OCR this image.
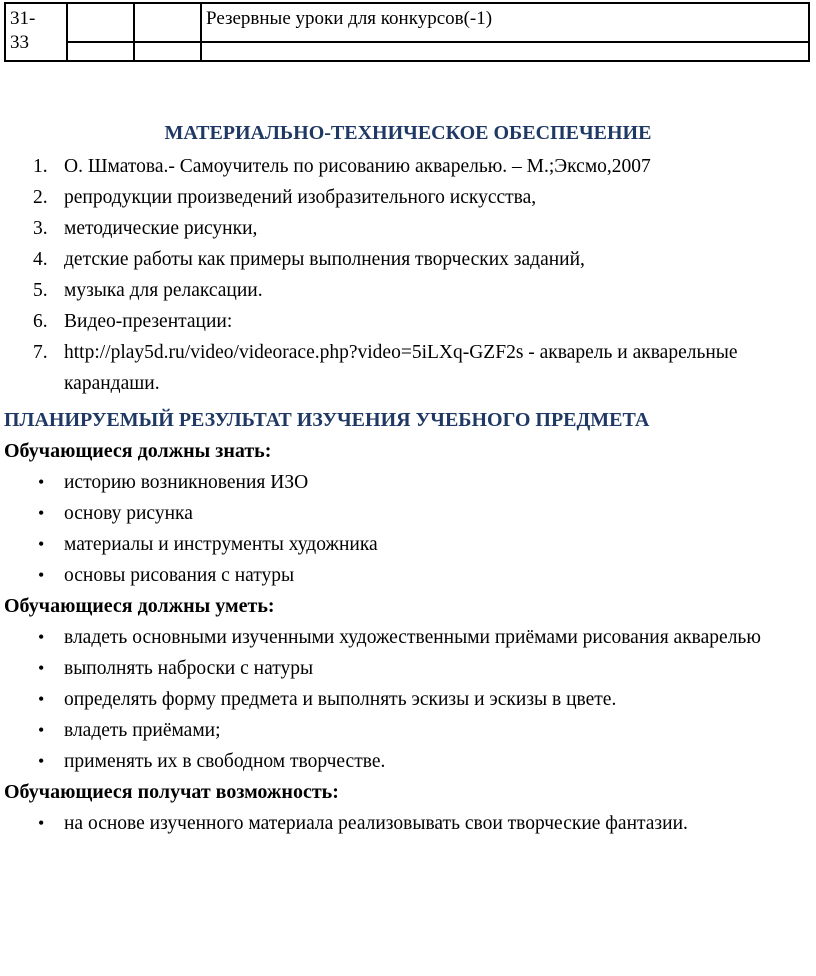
31-33			Резервные уроки для конкурсов(-1)

МАТЕРИАЛЬНО-ТЕХНИЧЕСКОЕ ОБЕСПЕЧЕНИЕ
1. О. Шматова.- Самоучитель по рисованию акварелью. – М.;Эксмо,2007
2. репродукции произведений изобразительного искусства,
3. методические рисунки,
4. детские работы как примеры выполнения творческих заданий,
5. музыка для релаксации.
6. Видео-презентации:
7. http://play5d.ru/video/videorace.php?video=5iLXq-GZF2s - акварель и акварельные карандаши.
ПЛАНИРУЕМЫЙ РЕЗУЛЬТАТ ИЗУЧЕНИЯ УЧЕБНОГО ПРЕДМЕТА
Обучающиеся должны знать:
•
историю возникновения ИЗО
•
основу рисунка
•
материалы и инструменты художника
•
основы рисования с натуры
Обучающиеся должны уметь:
•
владеть основными изученными художественными приёмами рисования акварелью
•
выполнять наброски с натуры
•
определять форму предмета и выполнять эскизы и эскизы в цвете.
•
владеть приёмами;
•
применять их в свободном творчестве.
Обучающиеся получат возможность:
•
на основе изученного материала реализовывать свои творческие фантазии.
